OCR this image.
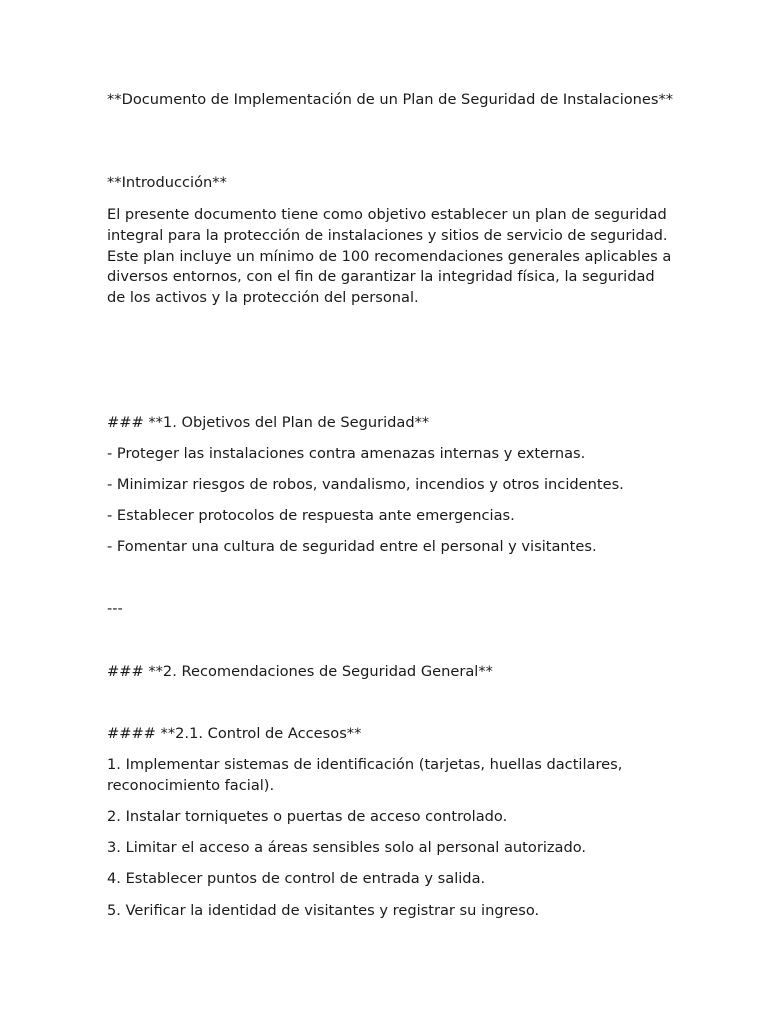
**Documento de Implementación de un Plan de Seguridad de Instalaciones**
**Introducción**
El presente documento tiene como objetivo establecer un plan de seguridad integral para la protección de instalaciones y sitios de servicio de seguridad. Este plan incluye un mínimo de 100 recomendaciones generales aplicables a diversos entornos, con el fin de garantizar la integridad física, la seguridad de los activos y la protección del personal.
### **1. Objetivos del Plan de Seguridad**
- Proteger las instalaciones contra amenazas internas y externas.
- Minimizar riesgos de robos, vandalismo, incendios y otros incidentes.
- Establecer protocolos de respuesta ante emergencias.
- Fomentar una cultura de seguridad entre el personal y visitantes.
---
### **2. Recomendaciones de Seguridad General**
#### **2.1. Control de Accesos**
1. Implementar sistemas de identificación (tarjetas, huellas dactilares, reconocimiento facial).
2. Instalar torniquetes o puertas de acceso controlado.
3. Limitar el acceso a áreas sensibles solo al personal autorizado.
4. Establecer puntos de control de entrada y salida.
5. Verificar la identidad de visitantes y registrar su ingreso.
